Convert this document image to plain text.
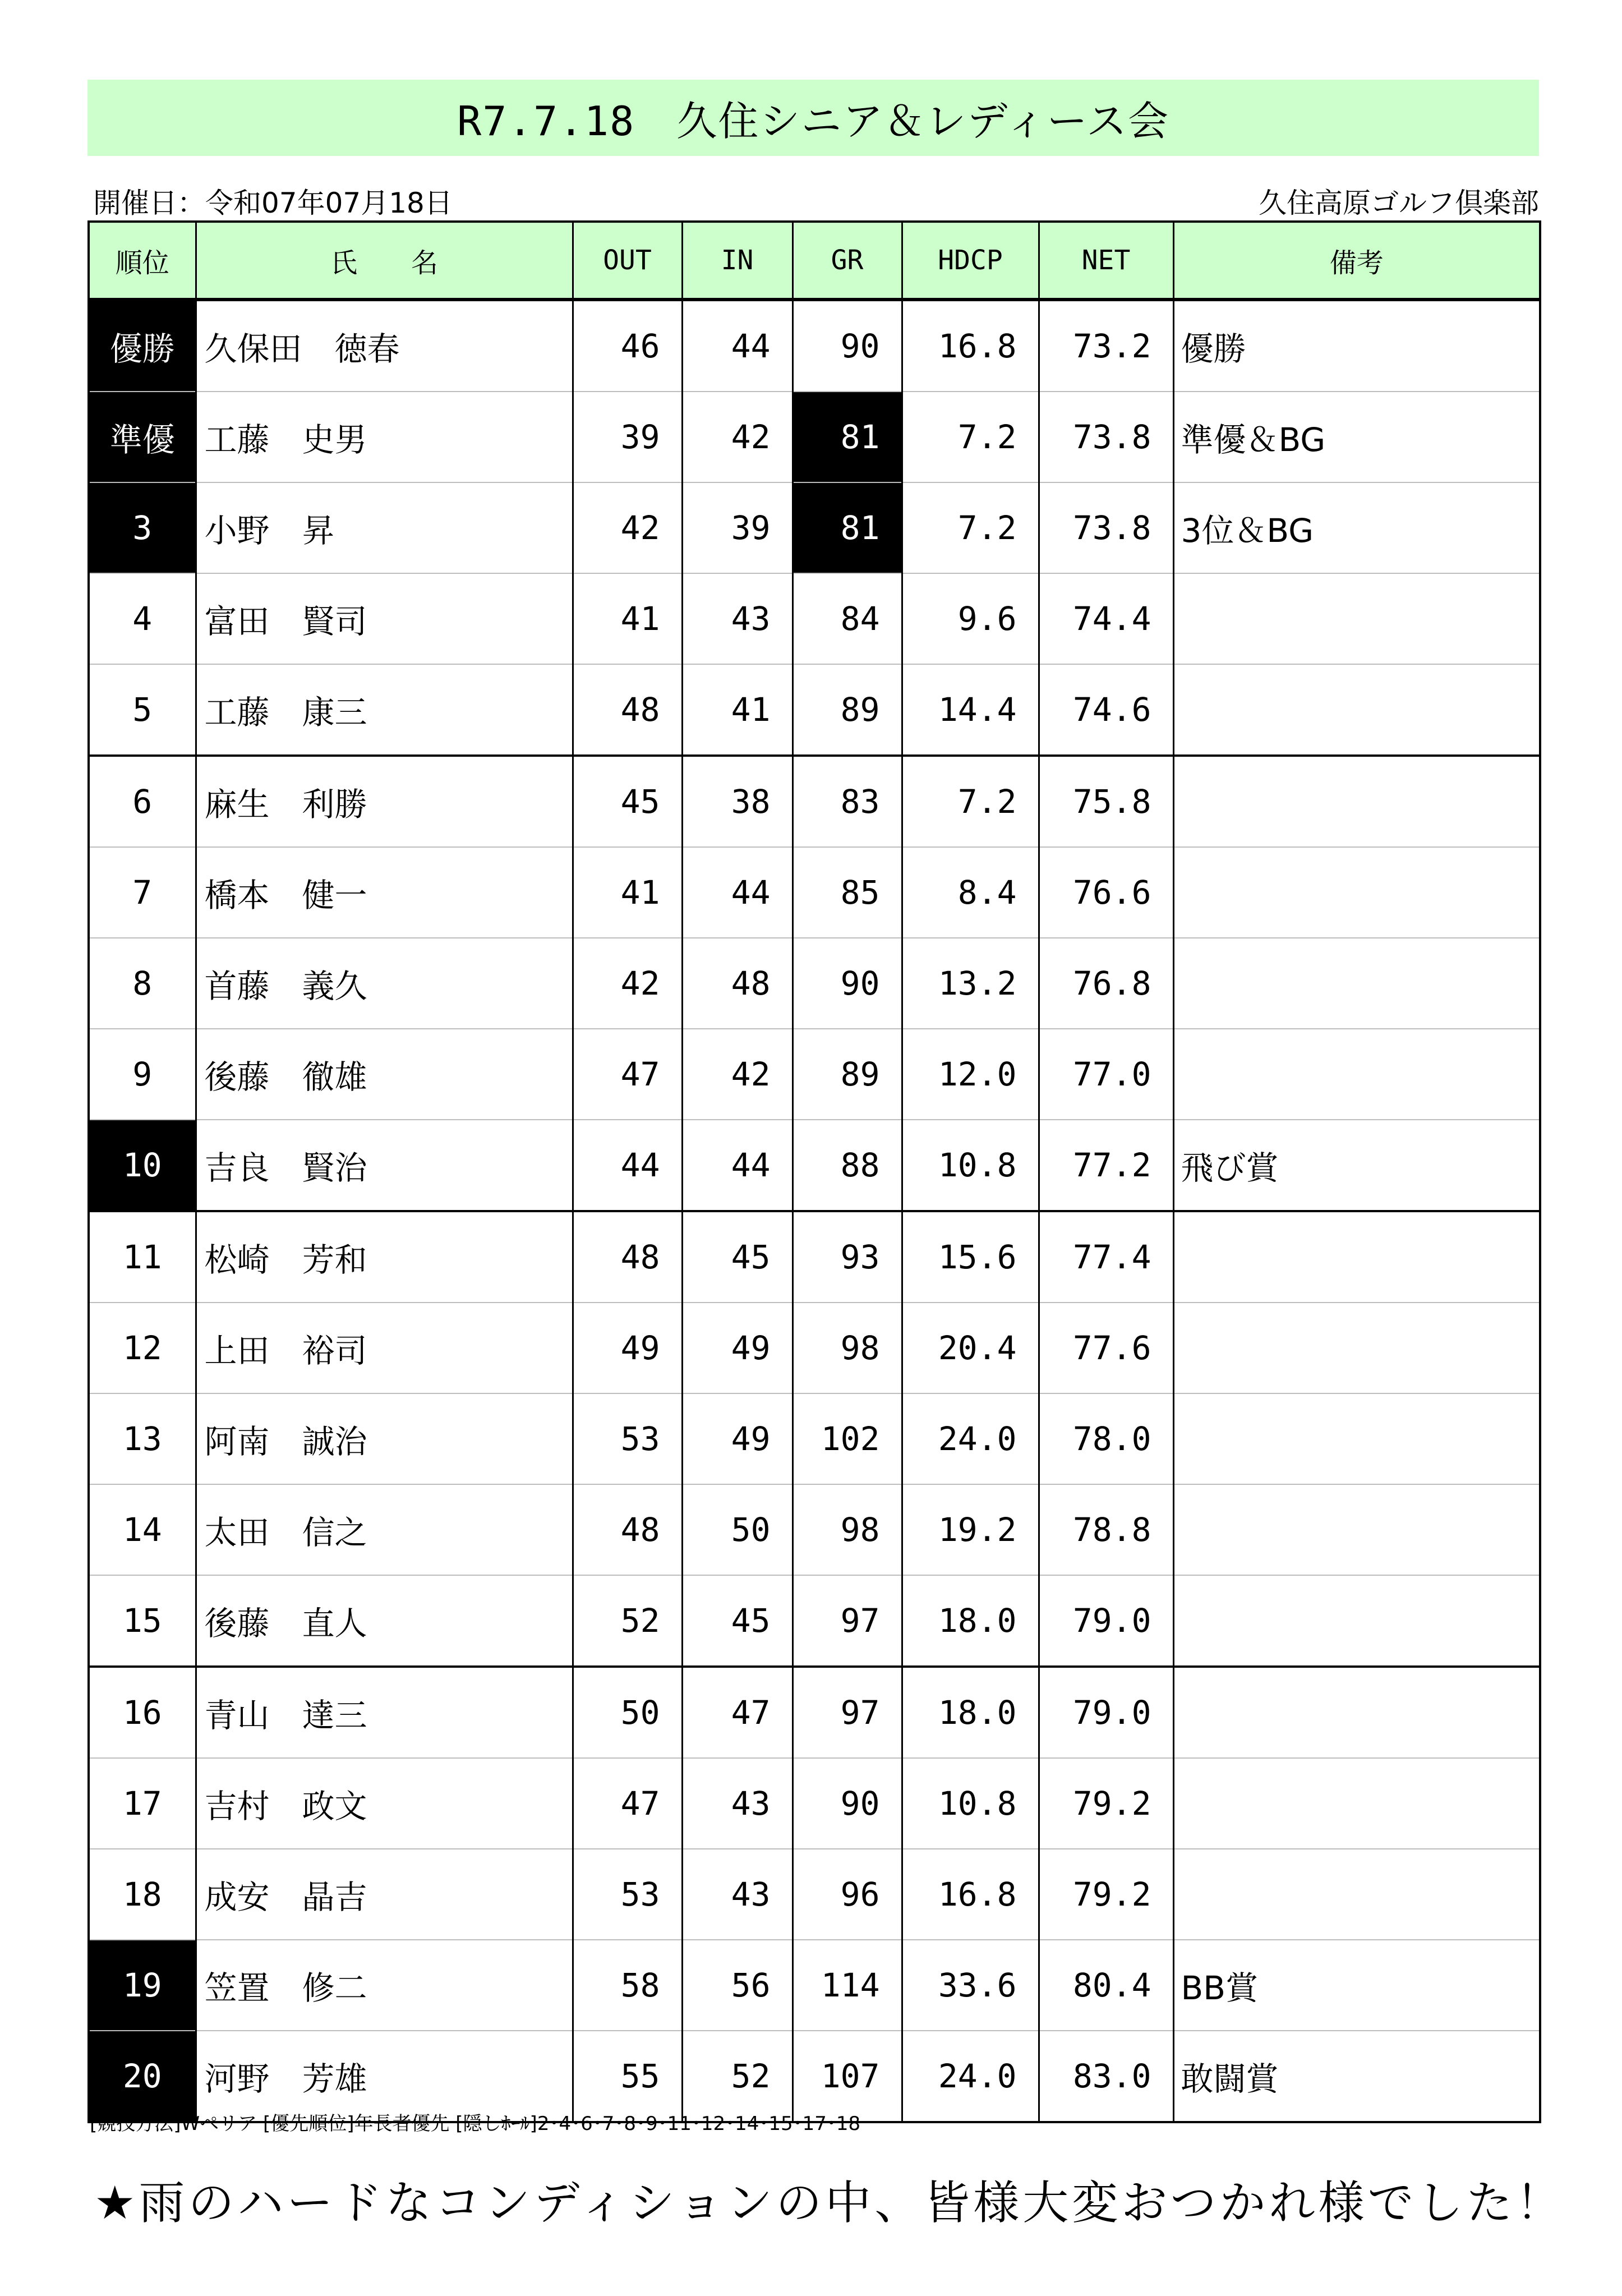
R7.7.18　久住シニア＆レディース会
開催日：令和07年07月18日	久住高原ゴルフ倶楽部
順位	氏　　名	OUT	IN	GR	HDCP	NET	備考
優勝	久保田　徳春	46	44	90	16.8	73.2	優勝
準優	工藤　史男	39	42	81	7.2	73.8	準優＆BG
3	小野　昇	42	39	81	7.2	73.8	3位＆BG
4	富田　賢司	41	43	84	9.6	74.4	
5	工藤　康三	48	41	89	14.4	74.6	
6	麻生　利勝	45	38	83	7.2	75.8	
7	橋本　健一	41	44	85	8.4	76.6	
8	首藤　義久	42	48	90	13.2	76.8	
9	後藤　徹雄	47	42	89	12.0	77.0	
10	吉良　賢治	44	44	88	10.8	77.2	飛び賞
11	松崎　芳和	48	45	93	15.6	77.4	
12	上田　裕司	49	49	98	20.4	77.6	
13	阿南　誠治	53	49	102	24.0	78.0	
14	太田　信之	48	50	98	19.2	78.8	
15	後藤　直人	52	45	97	18.0	79.0	
16	青山　達三	50	47	97	18.0	79.0	
17	吉村　政文	47	43	90	10.8	79.2	
18	成安　晶吉	53	43	96	16.8	79.2	
19	笠置　修二	58	56	114	33.6	80.4	BB賞
20	河野　芳雄	55	52	107	24.0	83.0	敢闘賞
[競技方法]Wペリア [優先順位]年長者優先 [隠しﾎｰﾙ]2･4･6･7･8･9･11･12･14･15･17･18
★雨のハードなコンディションの中、皆様大変おつかれ様でした！
